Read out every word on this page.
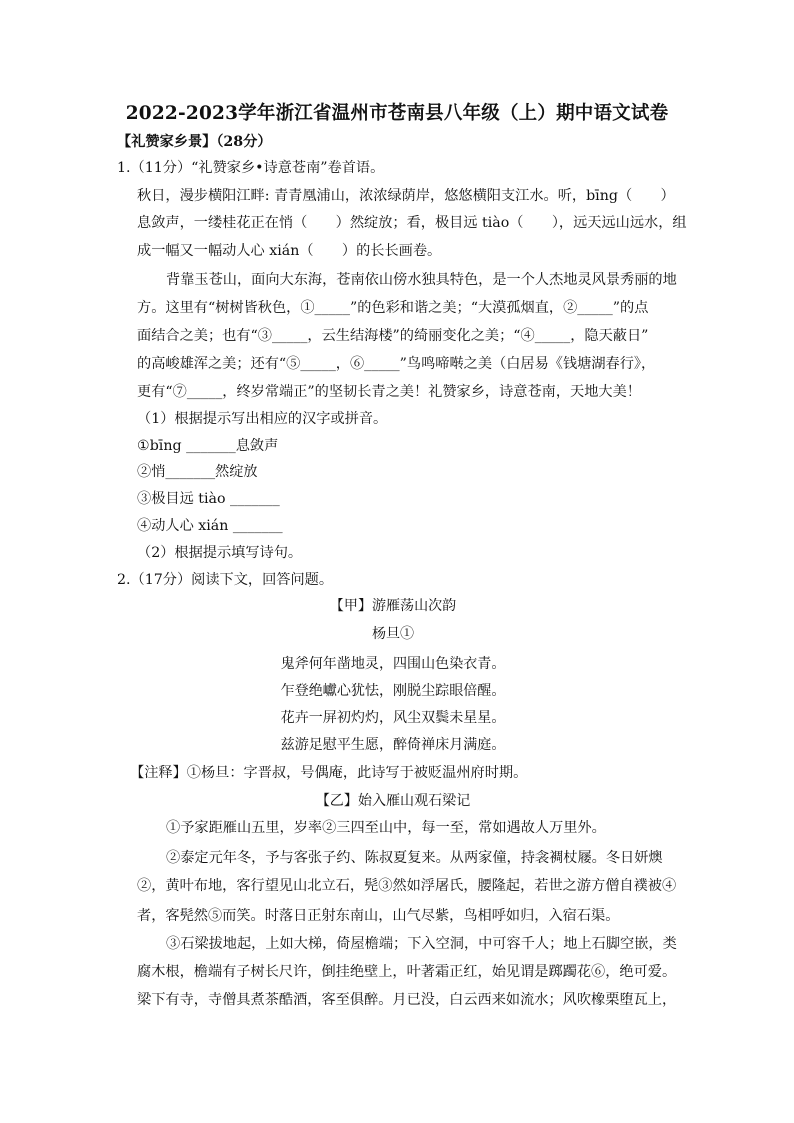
2022-2023学年浙江省温州市苍南县八年级（上）期中语文试卷
【礼赞家乡景】（28分）
1.（11分）“礼赞家乡•诗意苍南”卷首语。
秋日，漫步横阳江畔: 青青凰浦山，浓浓绿荫岸，悠悠横阳支江水。听，bīng（　　）
息敛声，一缕桂花正在悄（　　）然绽放；看，极目远 tiào（　　），远天远山远水，组
成一幅又一幅动人心 xián（　　）的长长画卷。
背靠玉苍山，面向大东海，苍南依山傍水独具特色，是一个人杰地灵风景秀丽的地
方。这里有“树树皆秋色，①_____”的色彩和谐之美；“大漠孤烟直，②_____”的点
面结合之美；也有“③_____，云生结海楼”的绮丽变化之美；“④_____，隐天蔽日”
的高峻雄浑之美；还有“⑤_____，⑥_____”鸟鸣啼啭之美（白居易《钱塘湖春行》，
更有“⑦_____，终岁常端正”的坚韧长青之美！礼赞家乡，诗意苍南，天地大美！
（1）根据提示写出相应的汉字或拼音。
①bīng _______息敛声
②悄_______然绽放
③极目远 tiào _______
④动人心 xián _______
（2）根据提示填写诗句。
2.（17分）阅读下文，回答问题。
【甲】游雁荡山次韵
杨旦①
鬼斧何年凿地灵，四围山色染衣青。
乍登绝巘心犹怯，刚脱尘踪眼倍醒。
花卉一屏初灼灼，风尘双鬓未星星。
兹游足慰平生愿，醉倚禅床月满庭。
【注释】①杨旦：字晋叔，号偶庵，此诗写于被贬温州府时期。
【乙】始入雁山观石梁记
①予家距雁山五里，岁率②三四至山中，每一至，常如遇故人万里外。
②泰定元年冬，予与客张子约、陈叔夏复来。从两家僮，持衾裯杖屦。冬日妍燠
②，黄叶布地，客行望见山北立石，髡③然如浮屠氏，腰隆起，若世之游方僧自襆被④
者，客髡然⑤而笑。时落日正射东南山，山气尽紫，鸟相呼如归，入宿石渠。
③石梁拔地起，上如大梯，倚屋檐端；下入空洞，中可容千人；地上石脚空嵌，类
腐木根，檐端有子树长尺许，倒挂绝壁上，叶著霜正红，始见谓是踯躅花⑥，绝可爱。
梁下有寺，寺僧具煮茶酷酒，客至俱醉。月已没，白云西来如流水；风吹橡栗堕瓦上，
